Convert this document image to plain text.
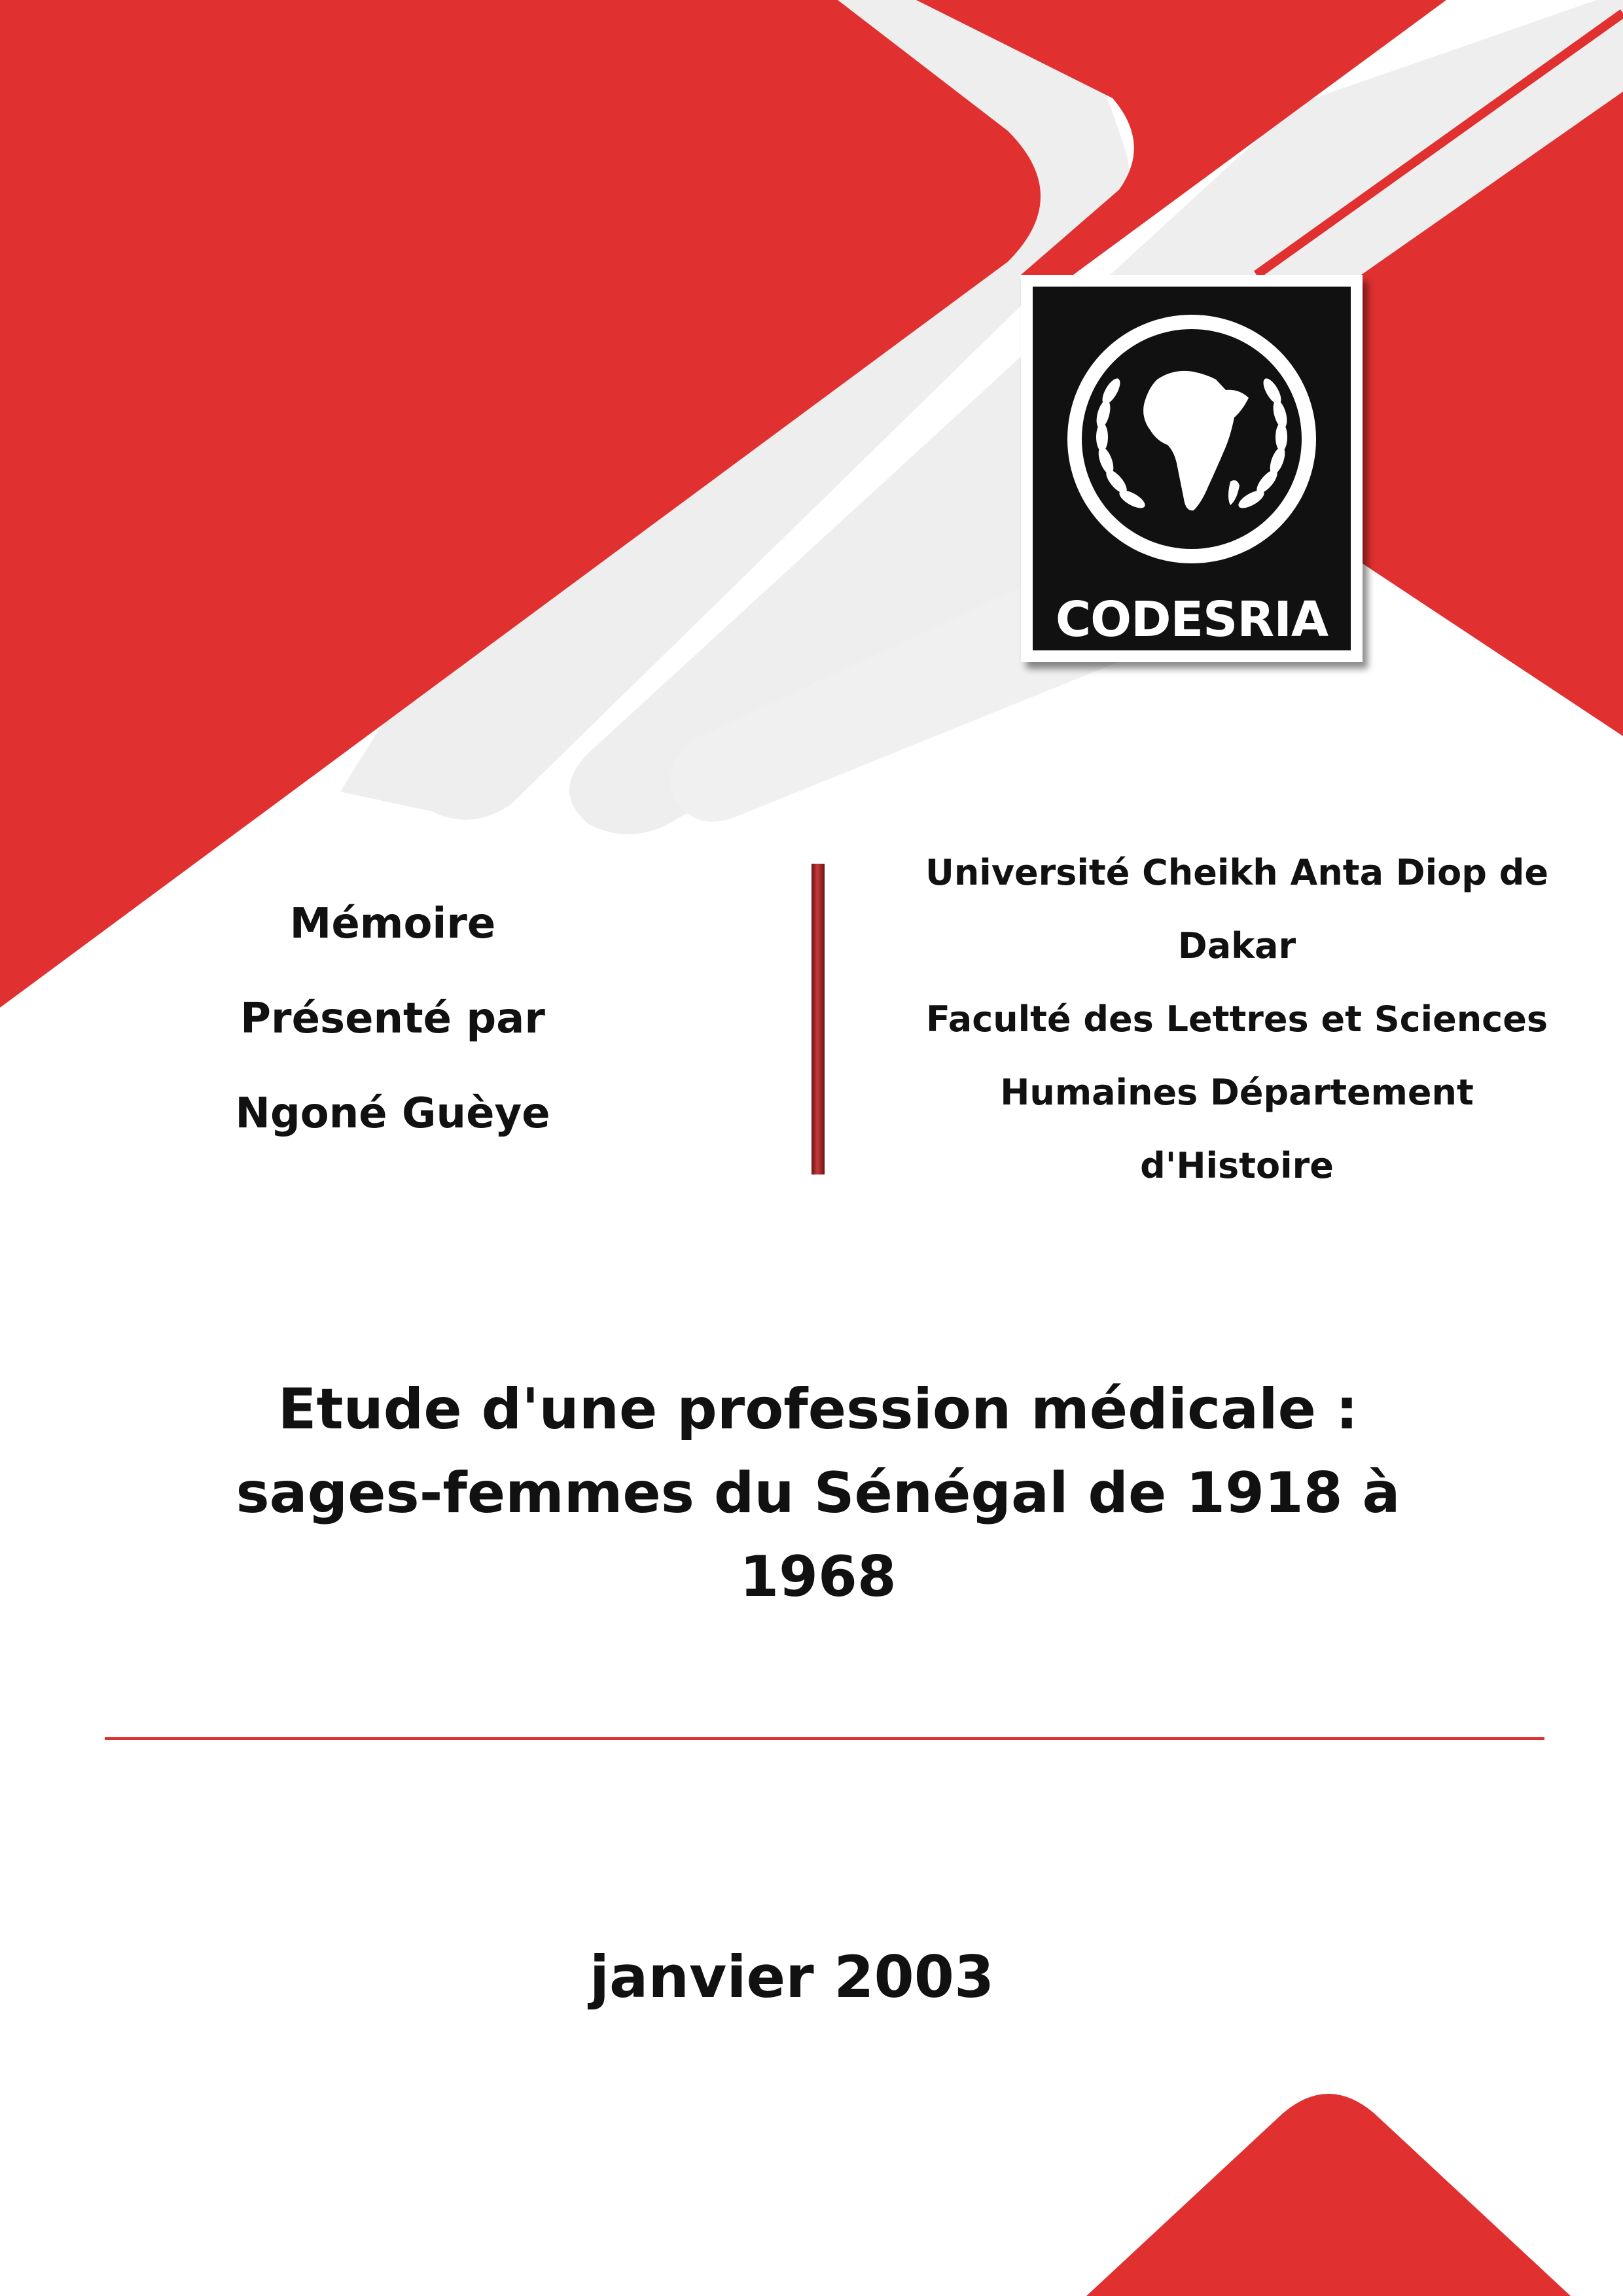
CODESRIA
Mémoire
Présenté par
Ngoné Guèye
Université Cheikh Anta Diop de
Dakar
Faculté des Lettres et Sciences
Humaines Département
d'Histoire
Etude d'une profession médicale :
sages-femmes du Sénégal de 1918 à
1968
janvier 2003
